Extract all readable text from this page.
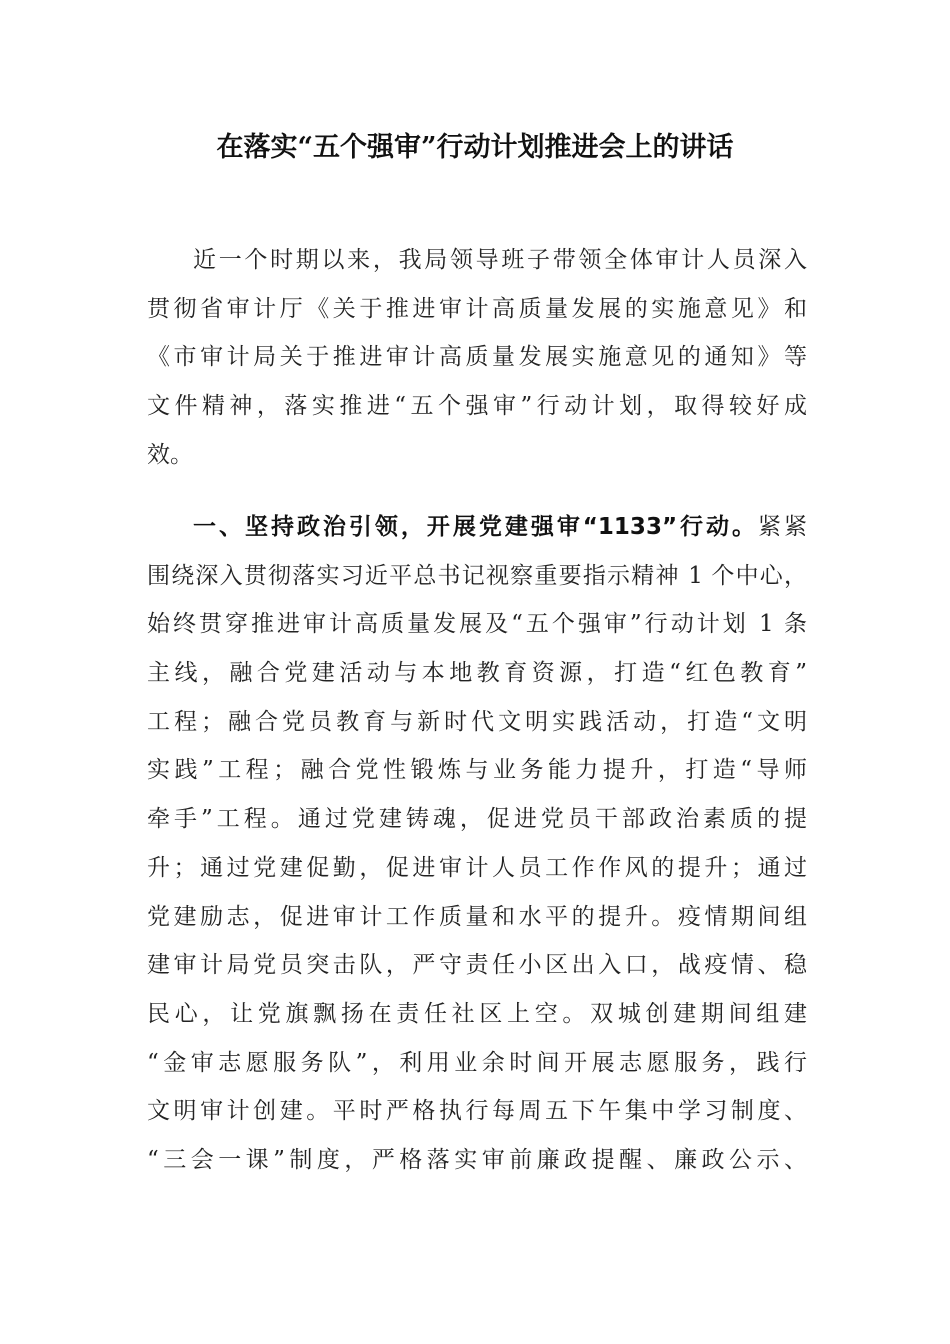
在落实“五个强审”行动计划推进会上的讲话
近一个时期以来，我局领导班子带领全体审计人员深入
贯彻省审计厅《关于推进审计高质量发展的实施意见》和
《市审计局关于推进审计高质量发展实施意见的通知》等
文件精神，落实推进“五个强审”行动计划，取得较好成
效。
一、坚持政治引领，开展党建强审“1133”行动。紧紧
围绕深入贯彻落实习近平总书记视察重要指示精神 1 个中心，
始终贯穿推进审计高质量发展及“五个强审”行动计划 1 条
主线，融合党建活动与本地教育资源，打造“红色教育”
工程；融合党员教育与新时代文明实践活动，打造“文明
实践”工程；融合党性锻炼与业务能力提升，打造“导师
牵手”工程。通过党建铸魂，促进党员干部政治素质的提
升；通过党建促勤，促进审计人员工作作风的提升；通过
党建励志，促进审计工作质量和水平的提升。疫情期间组
建审计局党员突击队，严守责任小区出入口，战疫情、稳
民心，让党旗飘扬在责任社区上空。双城创建期间组建
“金审志愿服务队”，利用业余时间开展志愿服务，践行
文明审计创建。平时严格执行每周五下午集中学习制度、
“三会一课”制度，严格落实审前廉政提醒、廉政公示、
